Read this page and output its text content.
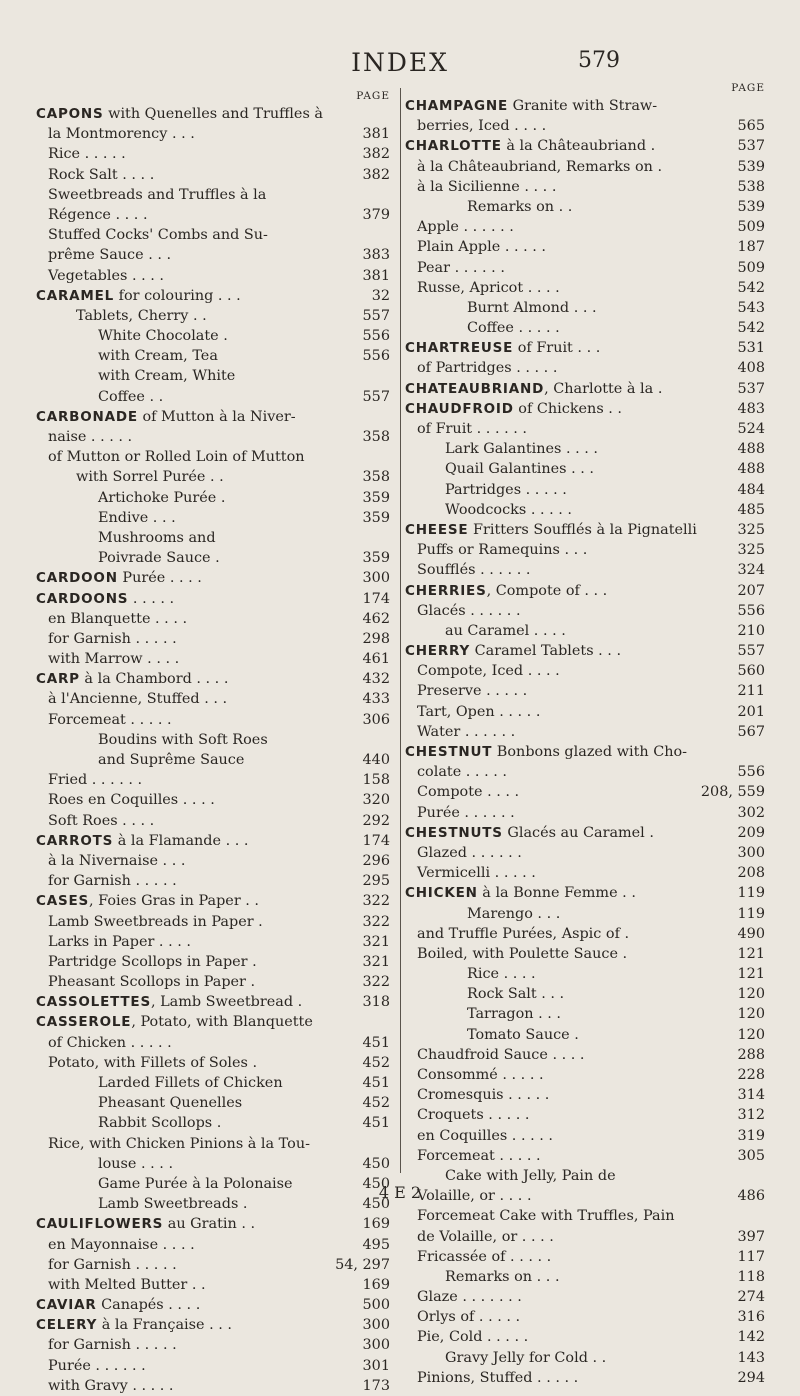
INDEX	579
PAGE
CAPONS with Quenelles and Truffles à
la Montmorency . . .	381
Rice . . . . .	382
Rock Salt . . . .	382
Sweetbreads and Truffles à la
Régence . . . .	379
Stuffed Cocks' Combs and Su-
prême Sauce . . .	383
Vegetables . . . .	381
CARAMEL for colouring . . .	32
Tablets, Cherry . .	557
White Chocolate .	556
with Cream, Tea	556
with Cream, White
Coffee . .	557
CARBONADE of Mutton à la Niver-
naise . . . . .	358
of Mutton or Rolled Loin of Mutton
with Sorrel Purée . .	358
Artichoke Purée .	359
Endive . . .	359
Mushrooms and
Poivrade Sauce .	359
CARDOON Purée . . . .	300
CARDOONS . . . . .	174
en Blanquette . . . .	462
for Garnish . . . . .	298
with Marrow . . . .	461
CARP à la Chambord . . . .	432
à l'Ancienne, Stuffed . . .	433
Forcemeat . . . . .	306
Boudins with Soft Roes
and Suprême Sauce	440
Fried . . . . . .	158
Roes en Coquilles . . . .	320
Soft Roes . . . .	292
CARROTS à la Flamande . . .	174
à la Nivernaise . . .	296
for Garnish . . . . .	295
CASES, Foies Gras in Paper . .	322
Lamb Sweetbreads in Paper .	322
Larks in Paper . . . .	321
Partridge Scollops in Paper .	321
Pheasant Scollops in Paper .	322
CASSOLETTES, Lamb Sweetbread .	318
CASSEROLE, Potato, with Blanquette
of Chicken . . . . .	451
Potato, with Fillets of Soles .	452
Larded Fillets of Chicken	451
Pheasant Quenelles	452
Rabbit Scollops .	451
Rice, with Chicken Pinions à la Tou-
louse . . . .	450
Game Purée à la Polonaise	450
Lamb Sweetbreads .	450
CAULIFLOWERS au Gratin . .	169
en Mayonnaise . . . .	495
for Garnish . . . . .	54, 297
with Melted Butter . .	169
CAVIAR Canapés . . . .	500
CELERY à la Française . . .	300
for Garnish . . . . .	300
Purée . . . . . .	301
with Gravy . . . . .	173
PAGE
CHAMPAGNE Granite with Straw-
berries, Iced . . . .	565
CHARLOTTE à la Châteaubriand .	537
à la Châteaubriand, Remarks on .	539
à la Sicilienne . . . .	538
Remarks on . .	539
Apple . . . . . .	509
Plain Apple . . . . .	187
Pear . . . . . .	509
Russe, Apricot . . . .	542
Burnt Almond . . .	543
Coffee . . . . .	542
CHARTREUSE of Fruit . . .	531
of Partridges . . . . .	408
CHATEAUBRIAND, Charlotte à la .	537
CHAUDFROID of Chickens . .	483
of Fruit . . . . . .	524
Lark Galantines . . . .	488
Quail Galantines . . .	488
Partridges . . . . .	484
Woodcocks . . . . .	485
CHEESE Fritters Soufflés à la Pignatelli	325
Puffs or Ramequins . . .	325
Soufflés . . . . . .	324
CHERRIES, Compote of . . .	207
Glacés . . . . . .	556
au Caramel . . . .	210
CHERRY Caramel Tablets . . .	557
Compote, Iced . . . .	560
Preserve . . . . .	211
Tart, Open . . . . .	201
Water . . . . . .	567
CHESTNUT Bonbons glazed with Cho-
colate . . . . .	556
Compote . . . .	208, 559
Purée . . . . . .	302
CHESTNUTS Glacés au Caramel .	209
Glazed . . . . . .	300
Vermicelli . . . . .	208
CHICKEN à la Bonne Femme . .	119
Marengo . . .	119
and Truffle Purées, Aspic of .	490
Boiled, with Poulette Sauce .	121
Rice . . . .	121
Rock Salt . . .	120
Tarragon . . .	120
Tomato Sauce .	120
Chaudfroid Sauce . . . .	288
Consommé . . . . .	228
Cromesquis . . . . .	314
Croquets . . . . .	312
en Coquilles . . . . .	319
Forcemeat . . . . .	305
Cake with Jelly, Pain de
Volaille, or . . . .	486
Forcemeat Cake with Truffles, Pain
de Volaille, or . . . .	397
Fricassée of . . . . .	117
Remarks on . . .	118
Glaze . . . . . . .	274
Orlys of . . . . .	316
Pie, Cold . . . . .	142
Gravy Jelly for Cold . .	143
Pinions, Stuffed . . . . .	294
4 E 2
